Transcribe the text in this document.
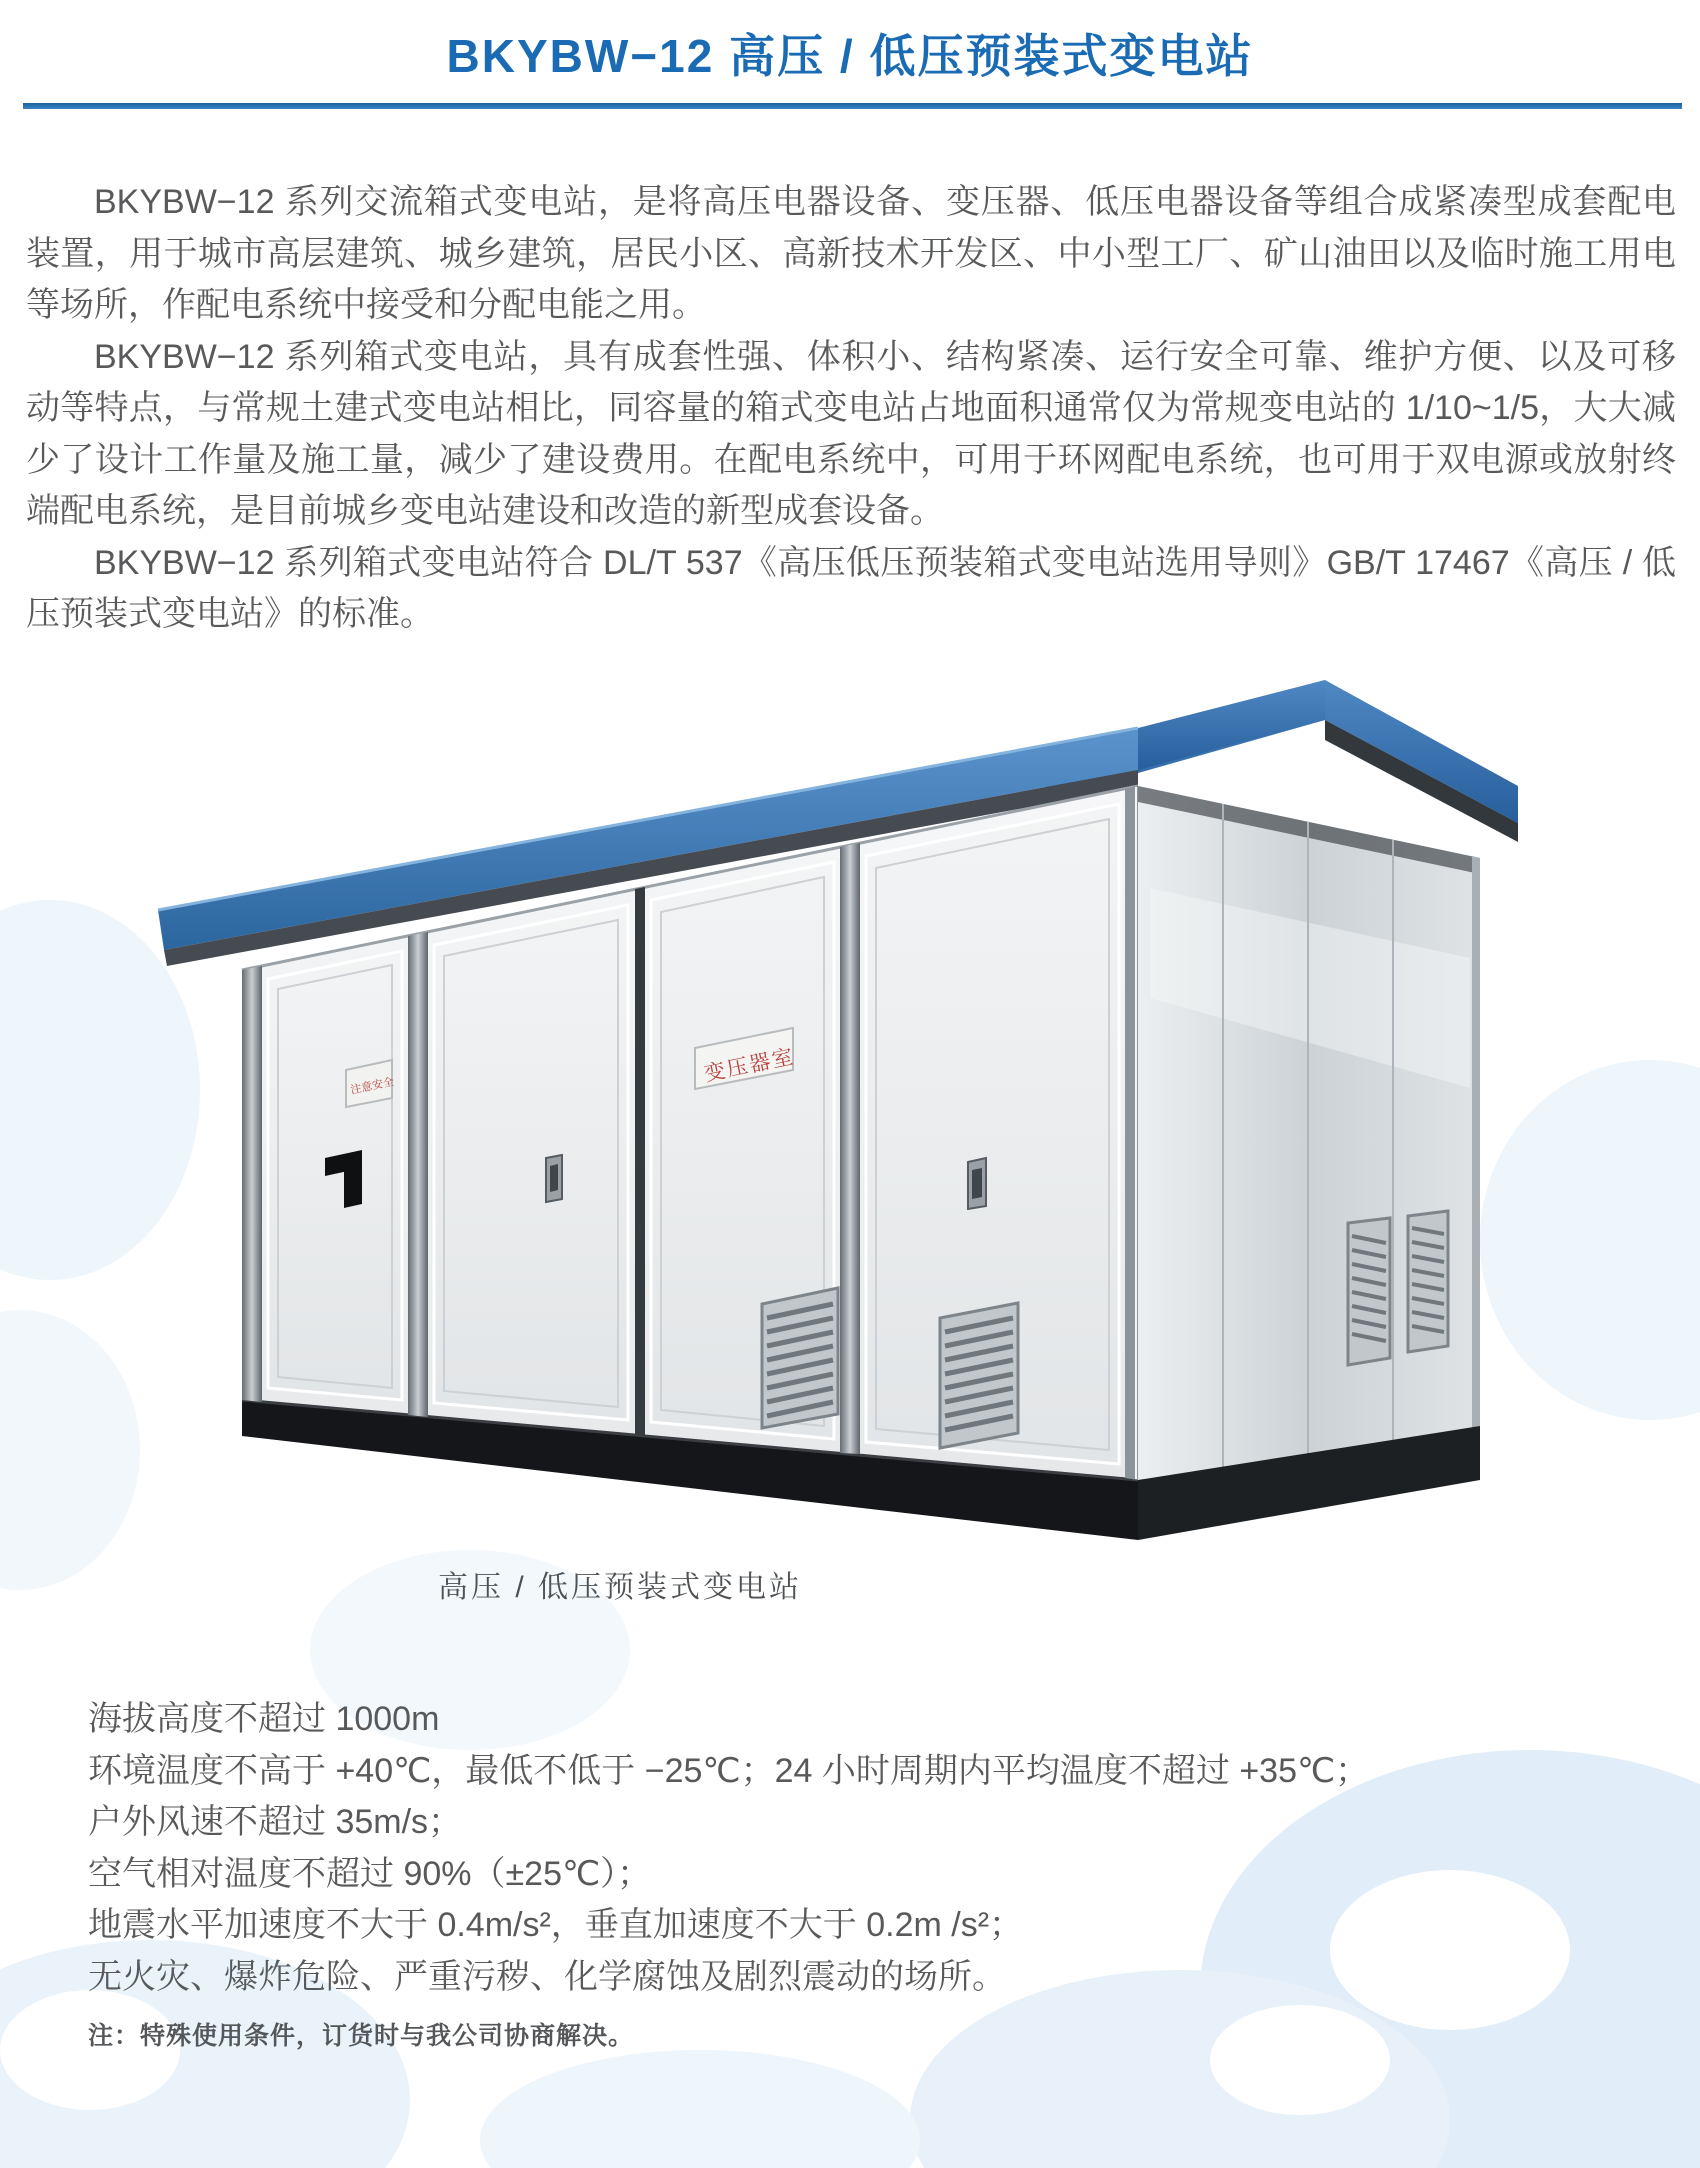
BKYBW−12 高压 / 低压预装式变电站

BKYBW−12 系列交流箱式变电站，是将高压电器设备、变压器、低压电器设备等组合成紧凑型成套配电装置，用于城市高层建筑、城乡建筑，居民小区、高新技术开发区、中小型工厂、矿山油田以及临时施工用电等场所，作配电系统中接受和分配电能之用。

BKYBW−12 系列箱式变电站，具有成套性强、体积小、结构紧凑、运行安全可靠、维护方便、以及可移动等特点，与常规土建式变电站相比，同容量的箱式变电站占地面积通常仅为常规变电站的 1/10~1/5，大大减少了设计工作量及施工量，减少了建设费用。在配电系统中，可用于环网配电系统，也可用于双电源或放射终端配电系统，是目前城乡变电站建设和改造的新型成套设备。

BKYBW−12 系列箱式变电站符合 DL/T 537《高压低压预装箱式变电站选用导则》GB/T 17467《高压 / 低压预装式变电站》的标准。

注意安全
变压器室
高压 / 低压预装式变电站
海拔高度不超过 1000m
环境温度不高于 +40℃，最低不低于 −25℃；24 小时周期内平均温度不超过 +35℃；
户外风速不超过 35m/s；
空气相对温度不超过 90%（±25℃）；
地震水平加速度不大于 0.4m/s²，垂直加速度不大于 0.2m /s²；
无火灾、爆炸危险、严重污秽、化学腐蚀及剧烈震动的场所。
注：特殊使用条件，订货时与我公司协商解决。
